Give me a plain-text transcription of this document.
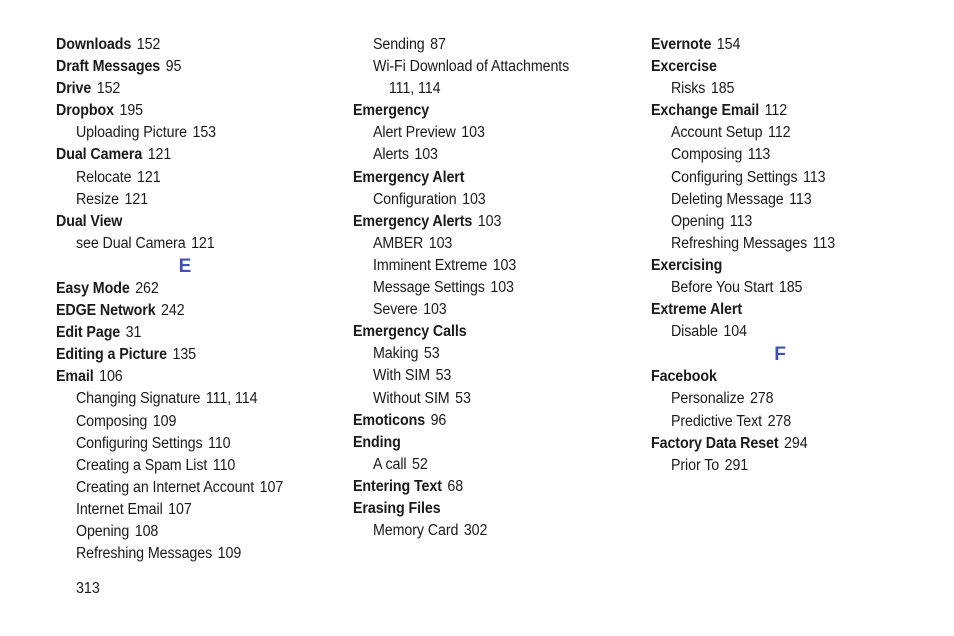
Downloads 152
Draft Messages 95
Drive 152
Dropbox 195
Uploading Picture 153
Dual Camera 121
Relocate 121
Resize 121
Dual View
see Dual Camera 121
E
Easy Mode 262
EDGE Network 242
Edit Page 31
Editing a Picture 135
Email 106
Changing Signature 111, 114
Composing 109
Configuring Settings 110
Creating a Spam List 110
Creating an Internet Account 107
Internet Email 107
Opening 108
Refreshing Messages 109
Sending 87
Wi-Fi Download of Attachments
111, 114
Emergency
Alert Preview 103
Alerts 103
Emergency Alert
Configuration 103
Emergency Alerts 103
AMBER 103
Imminent Extreme 103
Message Settings 103
Severe 103
Emergency Calls
Making 53
With SIM 53
Without SIM 53
Emoticons 96
Ending
A call 52
Entering Text 68
Erasing Files
Memory Card 302
Evernote 154
Excercise
Risks 185
Exchange Email 112
Account Setup 112
Composing 113
Configuring Settings 113
Deleting Message 113
Opening 113
Refreshing Messages 113
Exercising
Before You Start 185
Extreme Alert
Disable 104
F
Facebook
Personalize 278
Predictive Text 278
Factory Data Reset 294
Prior To 291
313
